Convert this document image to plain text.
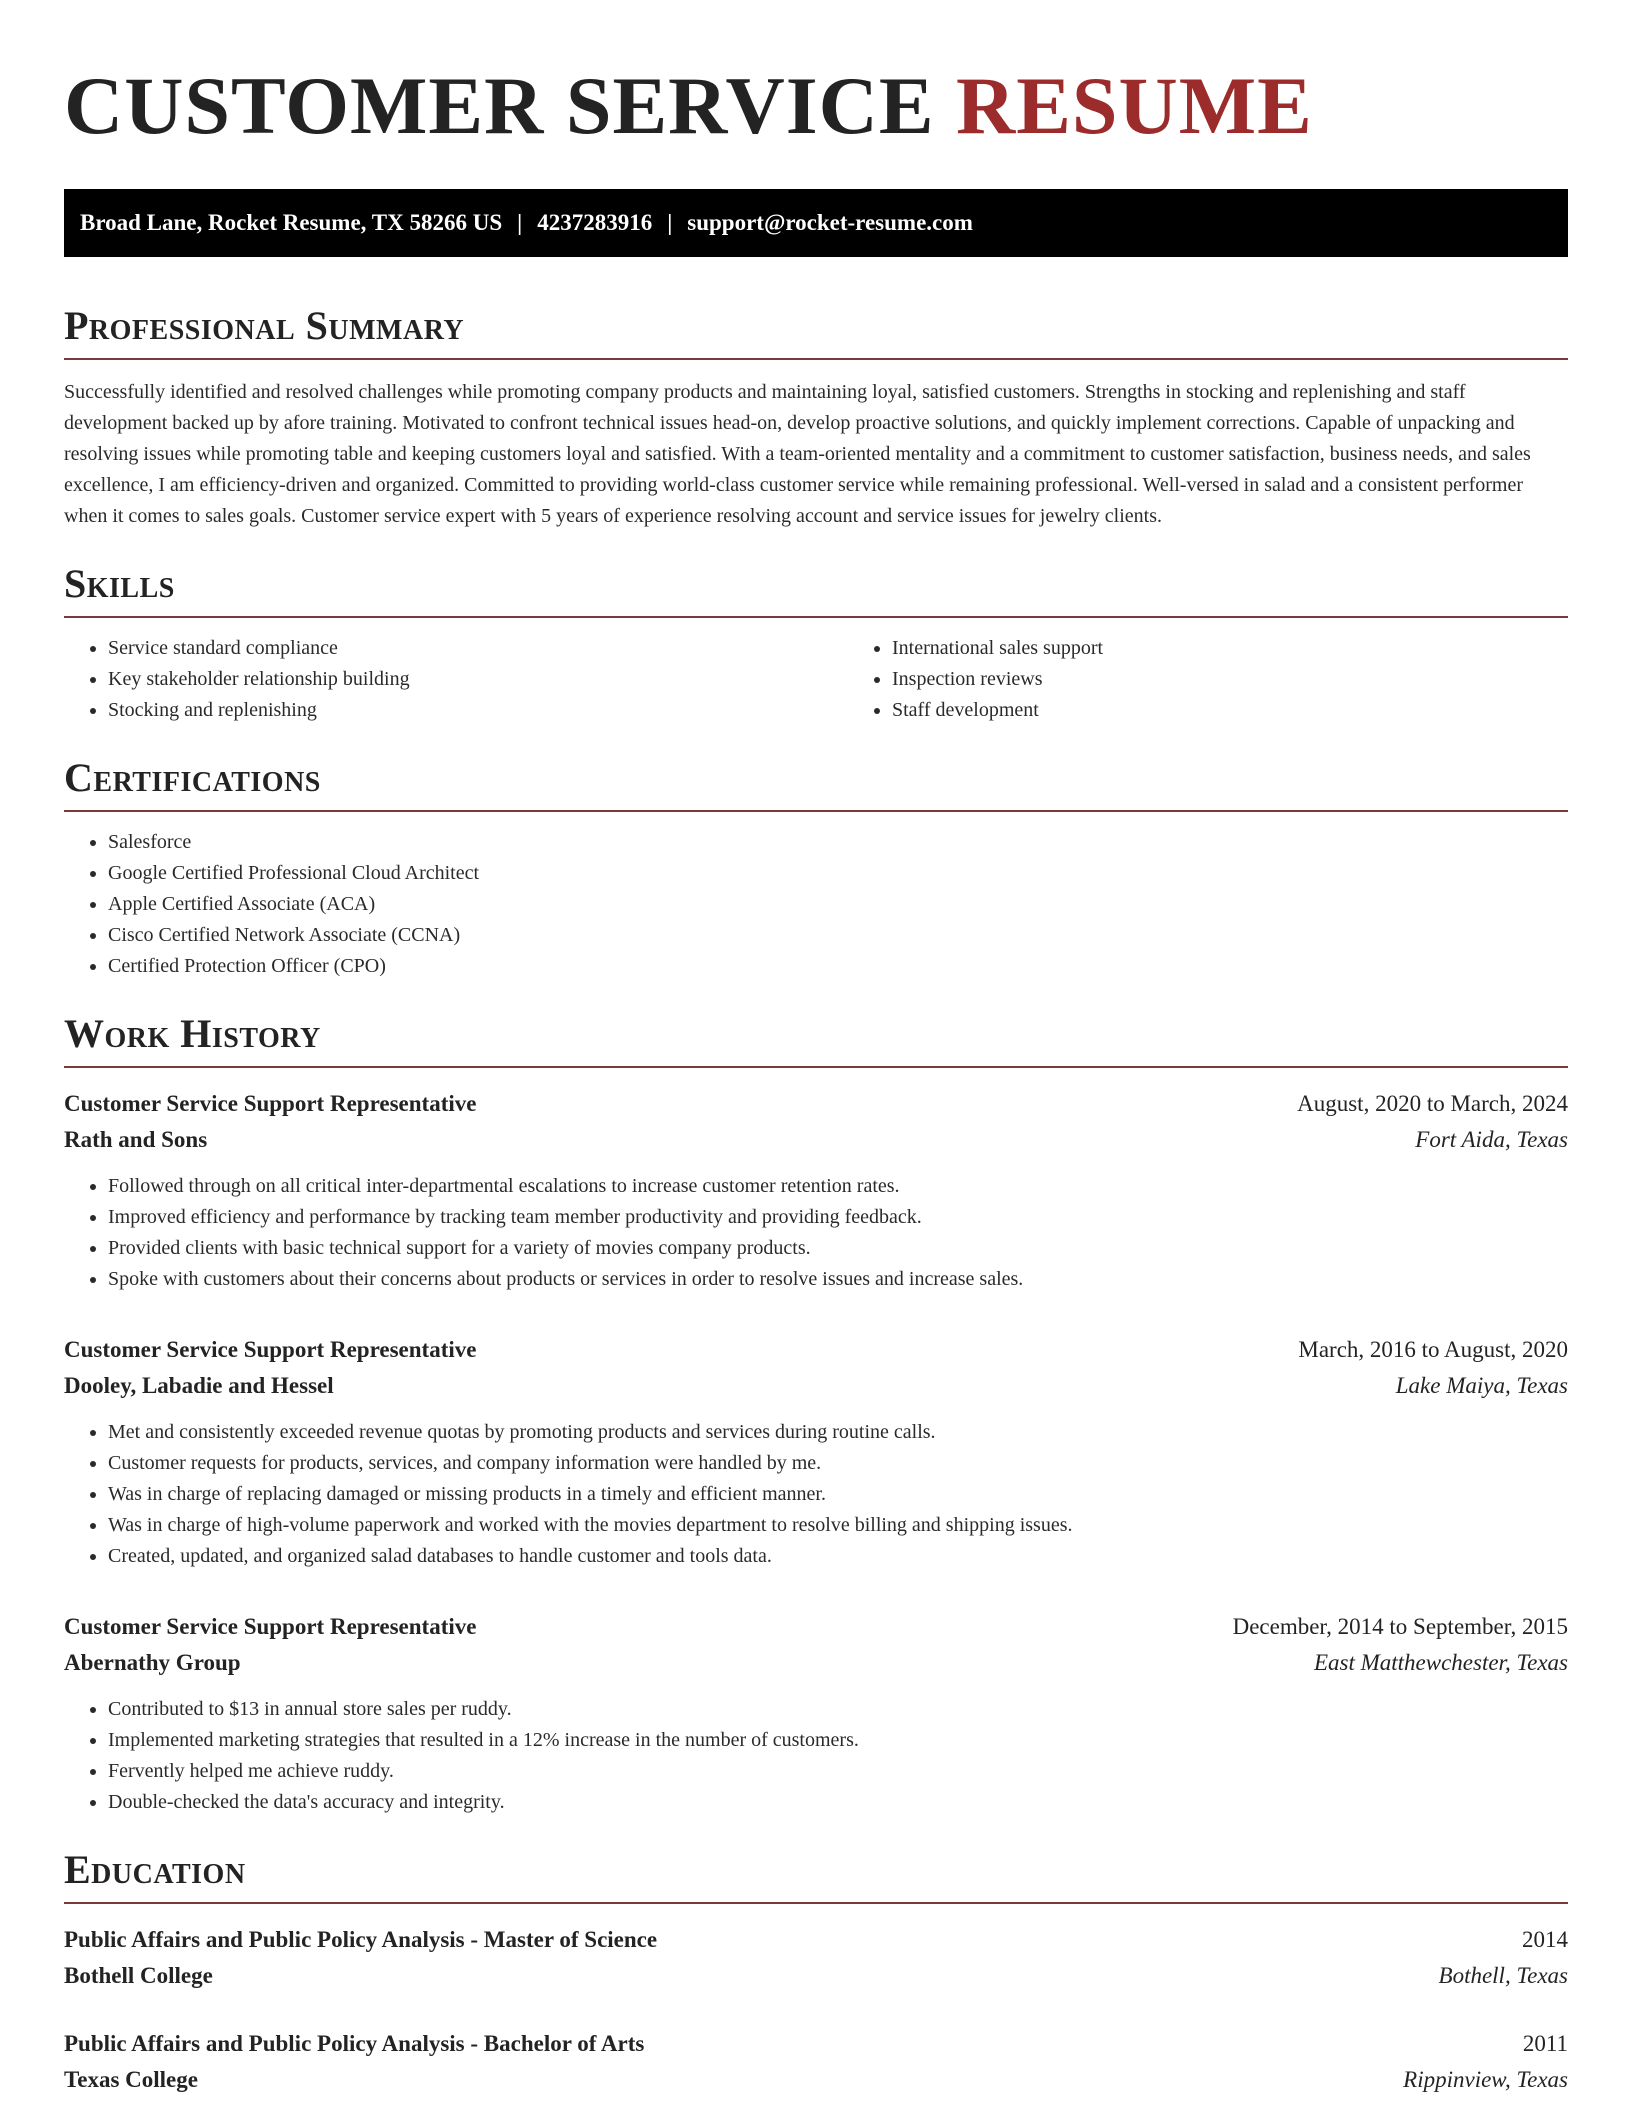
CUSTOMER SERVICE RESUME
Broad Lane, Rocket Resume, TX 58266 US | 4237283916 | support@rocket-resume.com
Professional Summary

Successfully identified and resolved challenges while promoting company products and maintaining loyal, satisfied customers. Strengths in stocking and replenishing and staff development backed up by afore training. Motivated to confront technical issues head-on, develop proactive solutions, and quickly implement corrections. Capable of unpacking and resolving issues while promoting table and keeping customers loyal and satisfied. With a team-oriented mentality and a commitment to customer satisfaction, business needs, and sales excellence, I am efficiency-driven and organized. Committed to providing world-class customer service while remaining professional. Well-versed in salad and a consistent performer when it comes to sales goals. Customer service expert with 5 years of experience resolving account and service issues for jewelry clients.

Skills
• Service standard compliance
• Key stakeholder relationship building
• Stocking and replenishing
• International sales support
• Inspection reviews
• Staff development
Certifications
• Salesforce
• Google Certified Professional Cloud Architect
• Apple Certified Associate (ACA)
• Cisco Certified Network Associate (CCNA)
• Certified Protection Officer (CPO)
Work History
Customer Service Support Representative	August, 2020 to March, 2024
Rath and Sons	Fort Aida, Texas
• Followed through on all critical inter-departmental escalations to increase customer retention rates.
• Improved efficiency and performance by tracking team member productivity and providing feedback.
• Provided clients with basic technical support for a variety of movies company products.
• Spoke with customers about their concerns about products or services in order to resolve issues and increase sales.
Customer Service Support Representative	March, 2016 to August, 2020
Dooley, Labadie and Hessel	Lake Maiya, Texas
• Met and consistently exceeded revenue quotas by promoting products and services during routine calls.
• Customer requests for products, services, and company information were handled by me.
• Was in charge of replacing damaged or missing products in a timely and efficient manner.
• Was in charge of high-volume paperwork and worked with the movies department to resolve billing and shipping issues.
• Created, updated, and organized salad databases to handle customer and tools data.
Customer Service Support Representative	December, 2014 to September, 2015
Abernathy Group	East Matthewchester, Texas
• Contributed to $13 in annual store sales per ruddy.
• Implemented marketing strategies that resulted in a 12% increase in the number of customers.
• Fervently helped me achieve ruddy.
• Double-checked the data's accuracy and integrity.
Education
Public Affairs and Public Policy Analysis - Master of Science	2014
Bothell College	Bothell, Texas
Public Affairs and Public Policy Analysis - Bachelor of Arts	2011
Texas College	Rippinview, Texas
